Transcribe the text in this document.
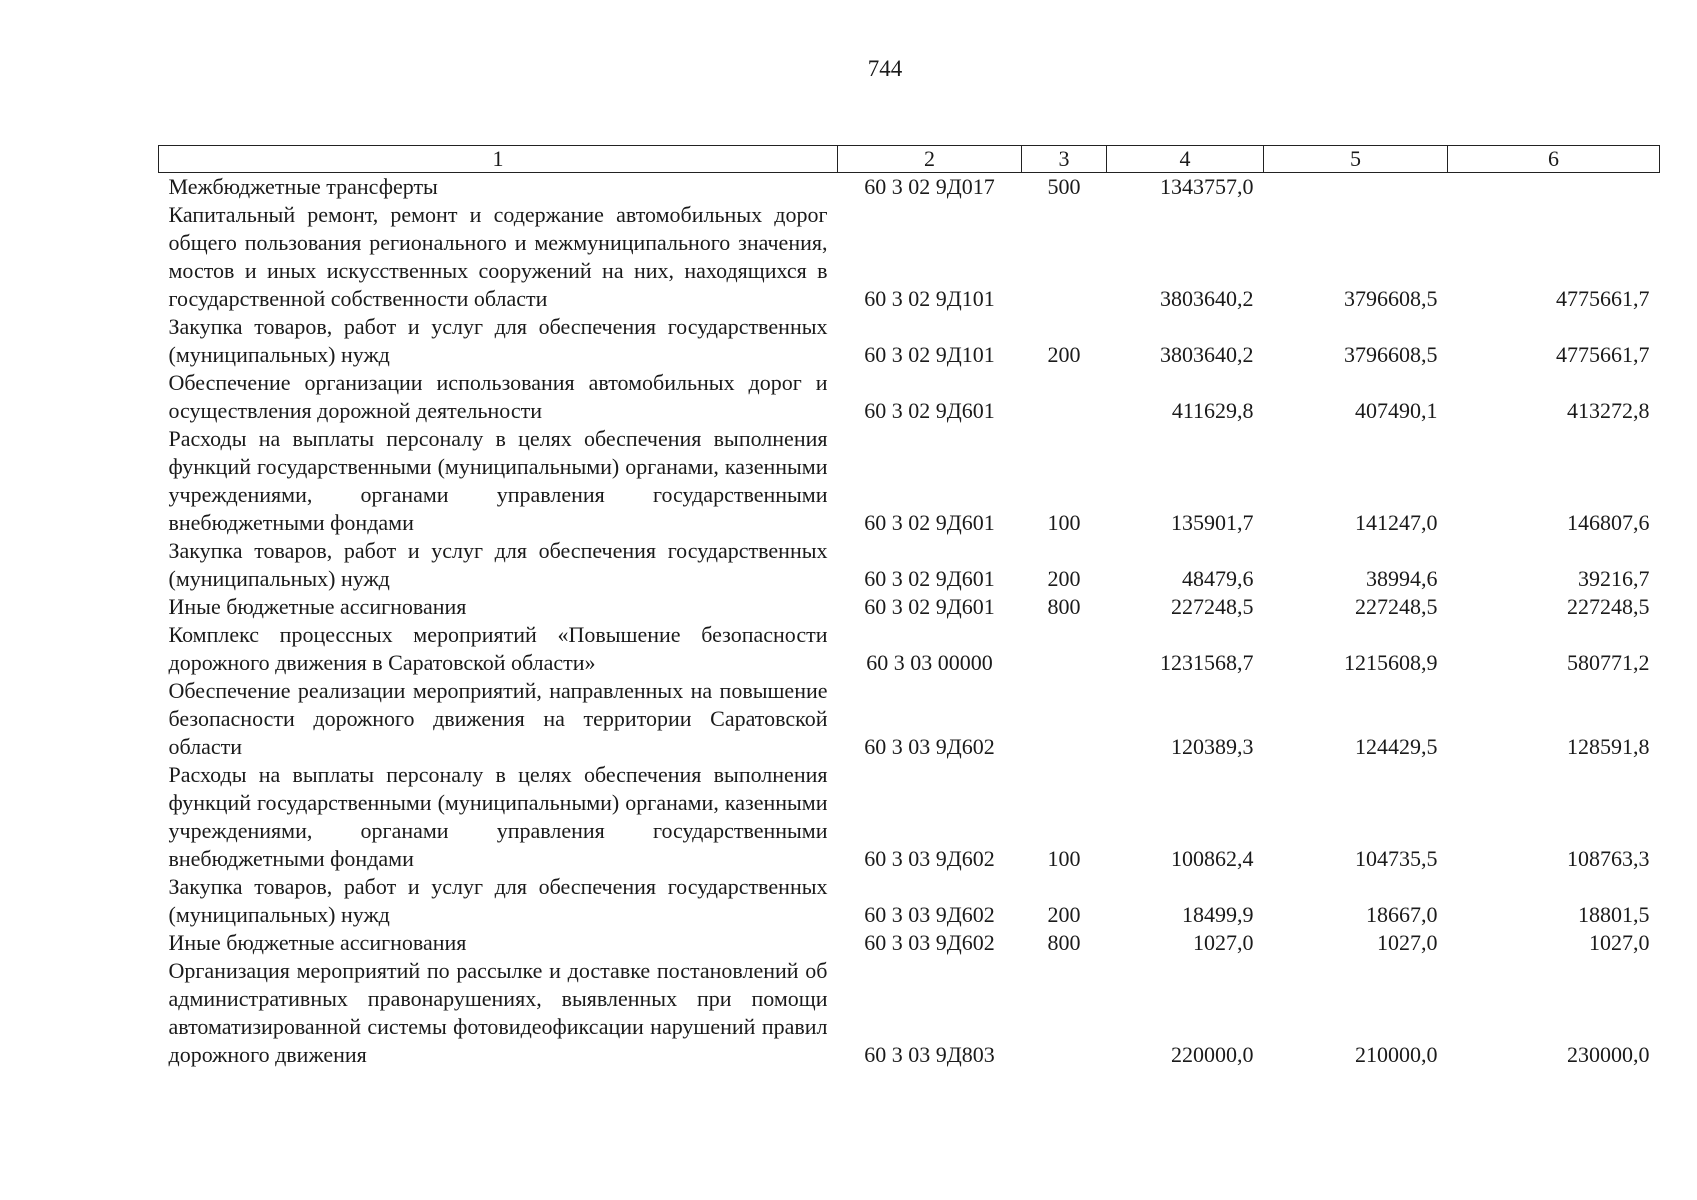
744
1	2	3	4	5	6
Межбюджетные трансферты	60 3 02 9Д017	500	1343757,0		
Капитальный ремонт, ремонт и содержание автомобильных дорог общего пользования регионального и межмуниципального значения, мостов и иных искусственных сооружений на них, находящихся в государственной собственности области	60 3 02 9Д101		3803640,2	3796608,5	4775661,7
Закупка товаров, работ и услуг для обеспечения государственных (муниципальных) нужд	60 3 02 9Д101	200	3803640,2	3796608,5	4775661,7
Обеспечение организации использования автомобильных дорог и осуществления дорожной деятельности	60 3 02 9Д601		411629,8	407490,1	413272,8
Расходы на выплаты персоналу в целях обеспечения выполнения функций государственными (муниципальными) органами, казенными учреждениями, органами управления государственными внебюджетными фондами	60 3 02 9Д601	100	135901,7	141247,0	146807,6
Закупка товаров, работ и услуг для обеспечения государственных (муниципальных) нужд	60 3 02 9Д601	200	48479,6	38994,6	39216,7
Иные бюджетные ассигнования	60 3 02 9Д601	800	227248,5	227248,5	227248,5
Комплекс процессных мероприятий «Повышение безопасности дорожного движения в Саратовской области»	60 3 03 00000		1231568,7	1215608,9	580771,2
Обеспечение реализации мероприятий, направленных на повышение безопасности дорожного движения на территории Саратовской области	60 3 03 9Д602		120389,3	124429,5	128591,8
Расходы на выплаты персоналу в целях обеспечения выполнения функций государственными (муниципальными) органами, казенными учреждениями, органами управления государственными внебюджетными фондами	60 3 03 9Д602	100	100862,4	104735,5	108763,3
Закупка товаров, работ и услуг для обеспечения государственных (муниципальных) нужд	60 3 03 9Д602	200	18499,9	18667,0	18801,5
Иные бюджетные ассигнования	60 3 03 9Д602	800	1027,0	1027,0	1027,0
Организация мероприятий по рассылке и доставке постановлений об административных правонарушениях, выявленных при помощи автоматизированной системы фотовидеофиксации нарушений правил дорожного движения	60 3 03 9Д803		220000,0	210000,0	230000,0
